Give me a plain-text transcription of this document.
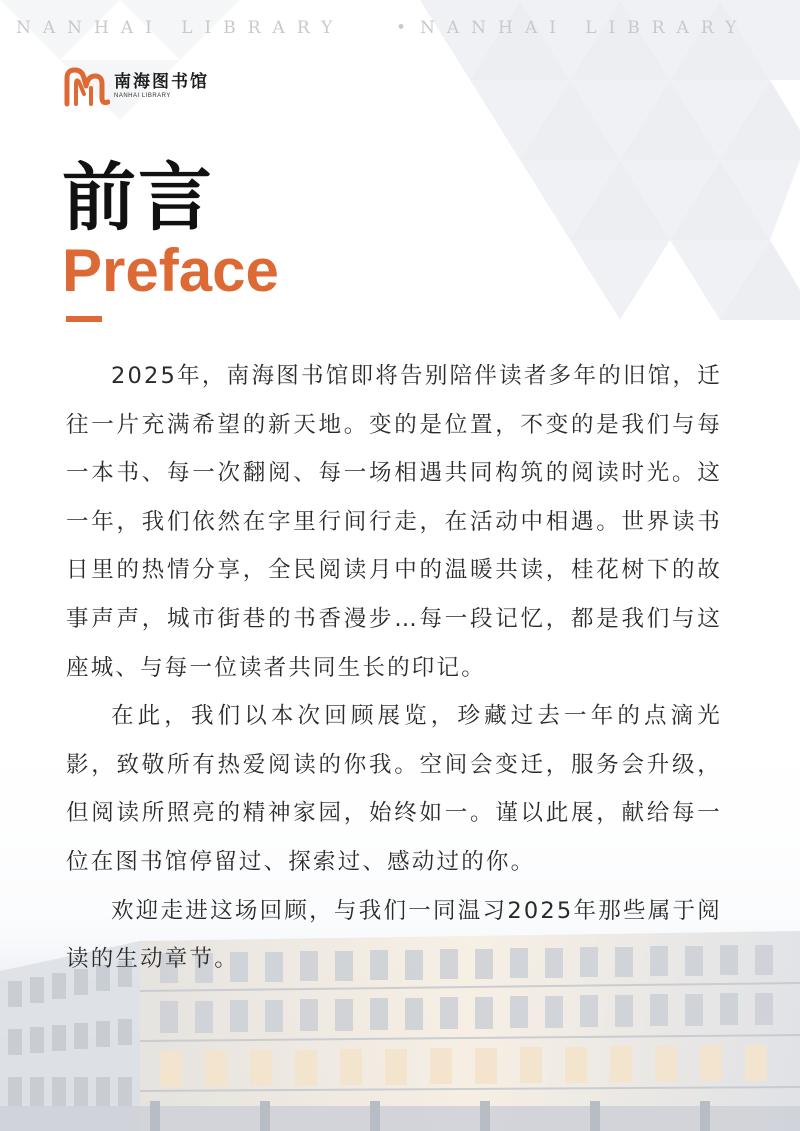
NANHAI LIBRARY	• NANHAI LIBRARY
南海图书馆
NANHAI LIBRARY
前言
Preface

2025年，南海图书馆即将告别陪伴读者多年的旧馆，迁往一片充满希望的新天地。变的是位置，不变的是我们与每一本书、每一次翻阅、每一场相遇共同构筑的阅读时光。这一年，我们依然在字里行间行走，在活动中相遇。世界读书日里的热情分享，全民阅读月中的温暖共读，桂花树下的故事声声，城市街巷的书香漫步…每一段记忆，都是我们与这座城、与每一位读者共同生长的印记。

在此，我们以本次回顾展览，珍藏过去一年的点滴光影，致敬所有热爱阅读的你我。空间会变迁，服务会升级，但阅读所照亮的精神家园，始终如一。谨以此展，献给每一位在图书馆停留过、探索过、感动过的你。

欢迎走进这场回顾，与我们一同温习2025年那些属于阅读的生动章节。
